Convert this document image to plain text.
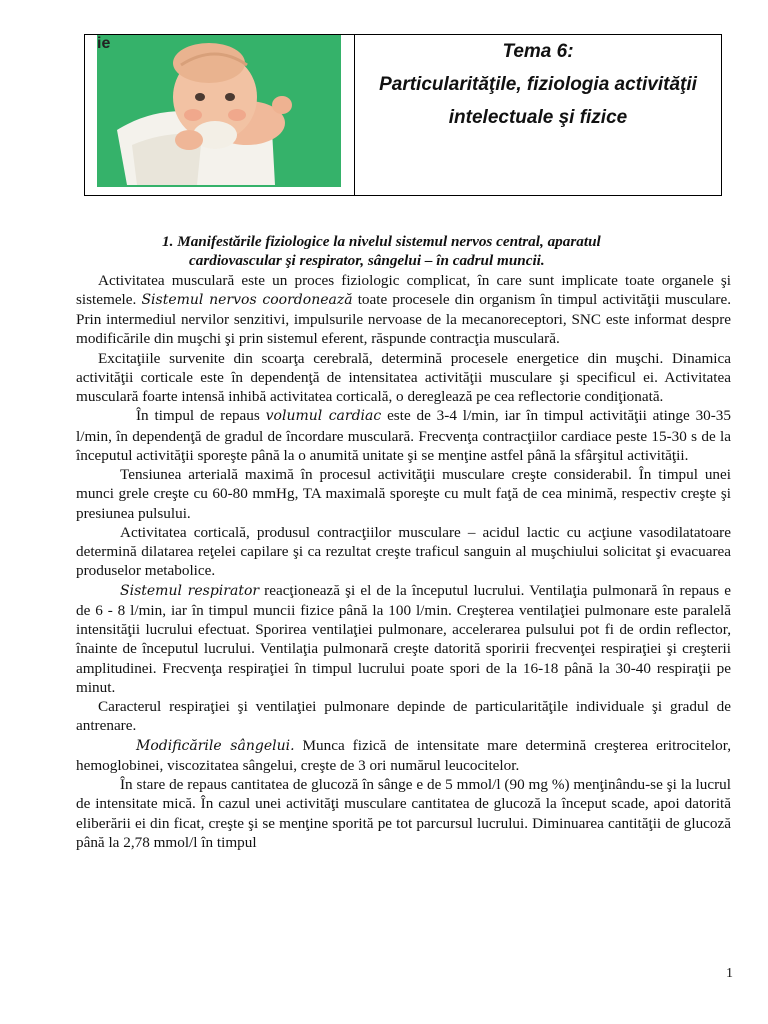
ie	Tema 6:
Particularităţile, fiziologia activităţii
intelectuale şi fizice

1. Manifestările fiziologice la nivelul sistemul nervos central, aparatul
cardiovascular şi respirator, sângelui – în cadrul muncii.

Activitatea musculară este un proces fiziologic complicat, în care sunt implicate toate organele şi sistemele. Sistemul nervos coordonează toate procesele din organism în timpul activităţii musculare. Prin intermediul nervilor senzitivi, impulsurile nervoase de la mecanoreceptori, SNC este informat despre modificările din muşchi şi prin sistemul eferent, răspunde contracţia musculară.

Excitaţiile survenite din scoarţa cerebrală, determină procesele energetice din muşchi. Dinamica activităţii corticale este în dependenţă de intensitatea activităţii musculare şi specificul ei. Activitatea musculară foarte intensă inhibă activitatea corticală, o dereglează pe cea reflectorie condiţionată.

În timpul de repaus volumul cardiac este de 3-4 l/min, iar în timpul activităţii atinge 30-35 l/min, în dependenţă de gradul de încordare musculară. Frecvenţa contracţiilor cardiace peste 15-30 s de la începutul activităţii sporeşte până la o anumită unitate şi se menţine astfel până la sfârşitul activităţii.

Tensiunea arterială maximă în procesul activităţii musculare creşte considerabil. În timpul unei munci grele creşte cu 60-80 mmHg, TA maximală sporeşte cu mult faţă de cea minimă, respectiv creşte şi presiunea pulsului.

Activitatea corticală, produsul contracţiilor musculare – acidul lactic cu acţiune vasodilatatoare determină dilatarea reţelei capilare şi ca rezultat creşte traficul sanguin al muşchiului solicitat şi evacuarea produselor metabolice.

Sistemul respirator reacţionează şi el de la începutul lucrului. Ventilaţia pulmonară în repaus e de 6 - 8 l/min, iar în timpul muncii fizice până la 100 l/min. Creşterea ventilaţiei pulmonare este paralelă intensităţii lucrului efectuat. Sporirea ventilaţiei pulmonare, accelerarea pulsului pot fi de ordin reflector, înainte de începutul lucrului. Ventilaţia pulmonară creşte datorită sporirii frecvenţei respiraţiei şi creşterii amplitudinei. Frecvenţa respiraţiei în timpul lucrului poate spori de la 16-18 până la 30-40 respiraţii pe minut.

Caracterul respiraţiei şi ventilaţiei pulmonare depinde de particularităţile individuale şi gradul de antrenare.

Modificările sângelui. Munca fizică de intensitate mare determină creşterea eritrocitelor, hemoglobinei, viscozitatea sângelui, creşte de 3 ori numărul leucocitelor.

În stare de repaus cantitatea de glucoză în sânge e de 5 mmol/l (90 mg %) menţinându-se şi la lucrul de intensitate mică. În cazul unei activităţi musculare cantitatea de glucoză la început scade, apoi datorită eliberării ei din ficat, creşte şi se menţine sporită pe tot parcursul lucrului. Diminuarea cantităţii de glucoză până la 2,78 mmol/l în timpul

1
